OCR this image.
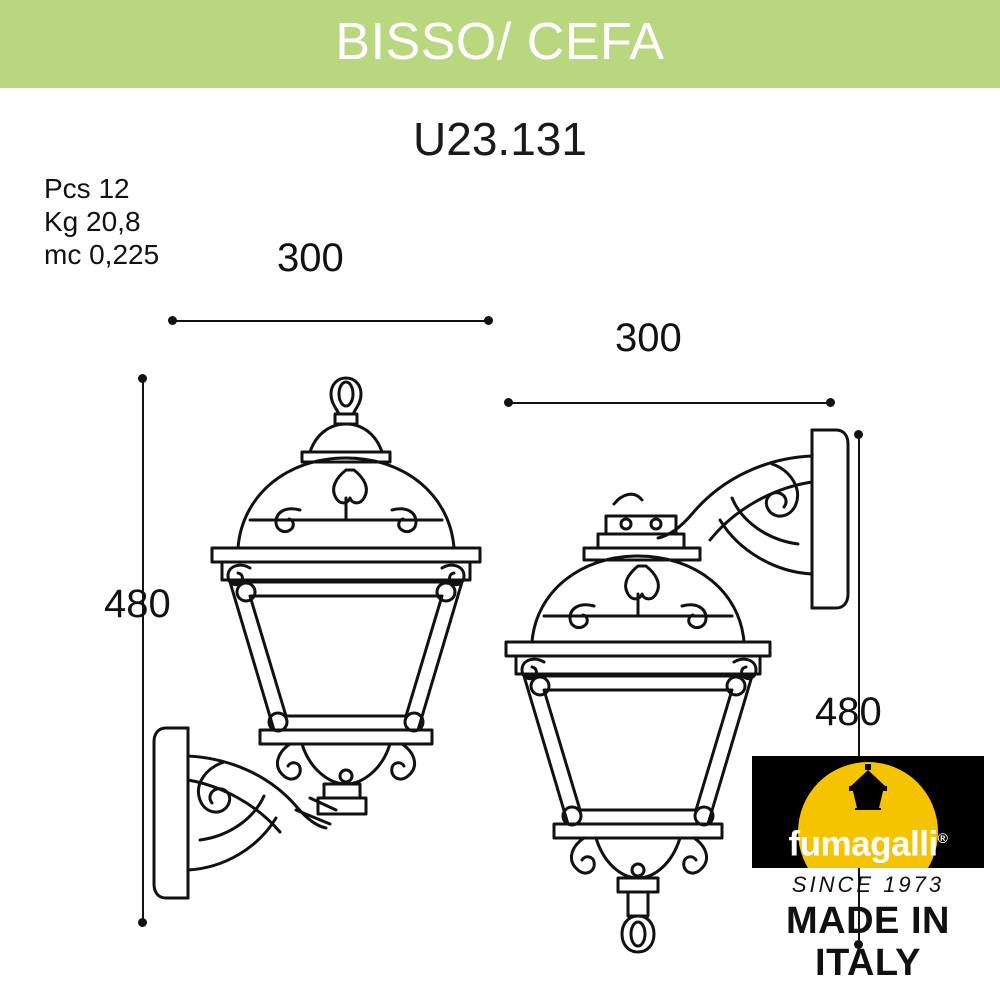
BISSO/ CEFA
U23.131
Pcs 12
Kg 20,8
mc 0,225	300
300
480
480
fumagalli®
SINCE 1973
MADE IN
ITALY
